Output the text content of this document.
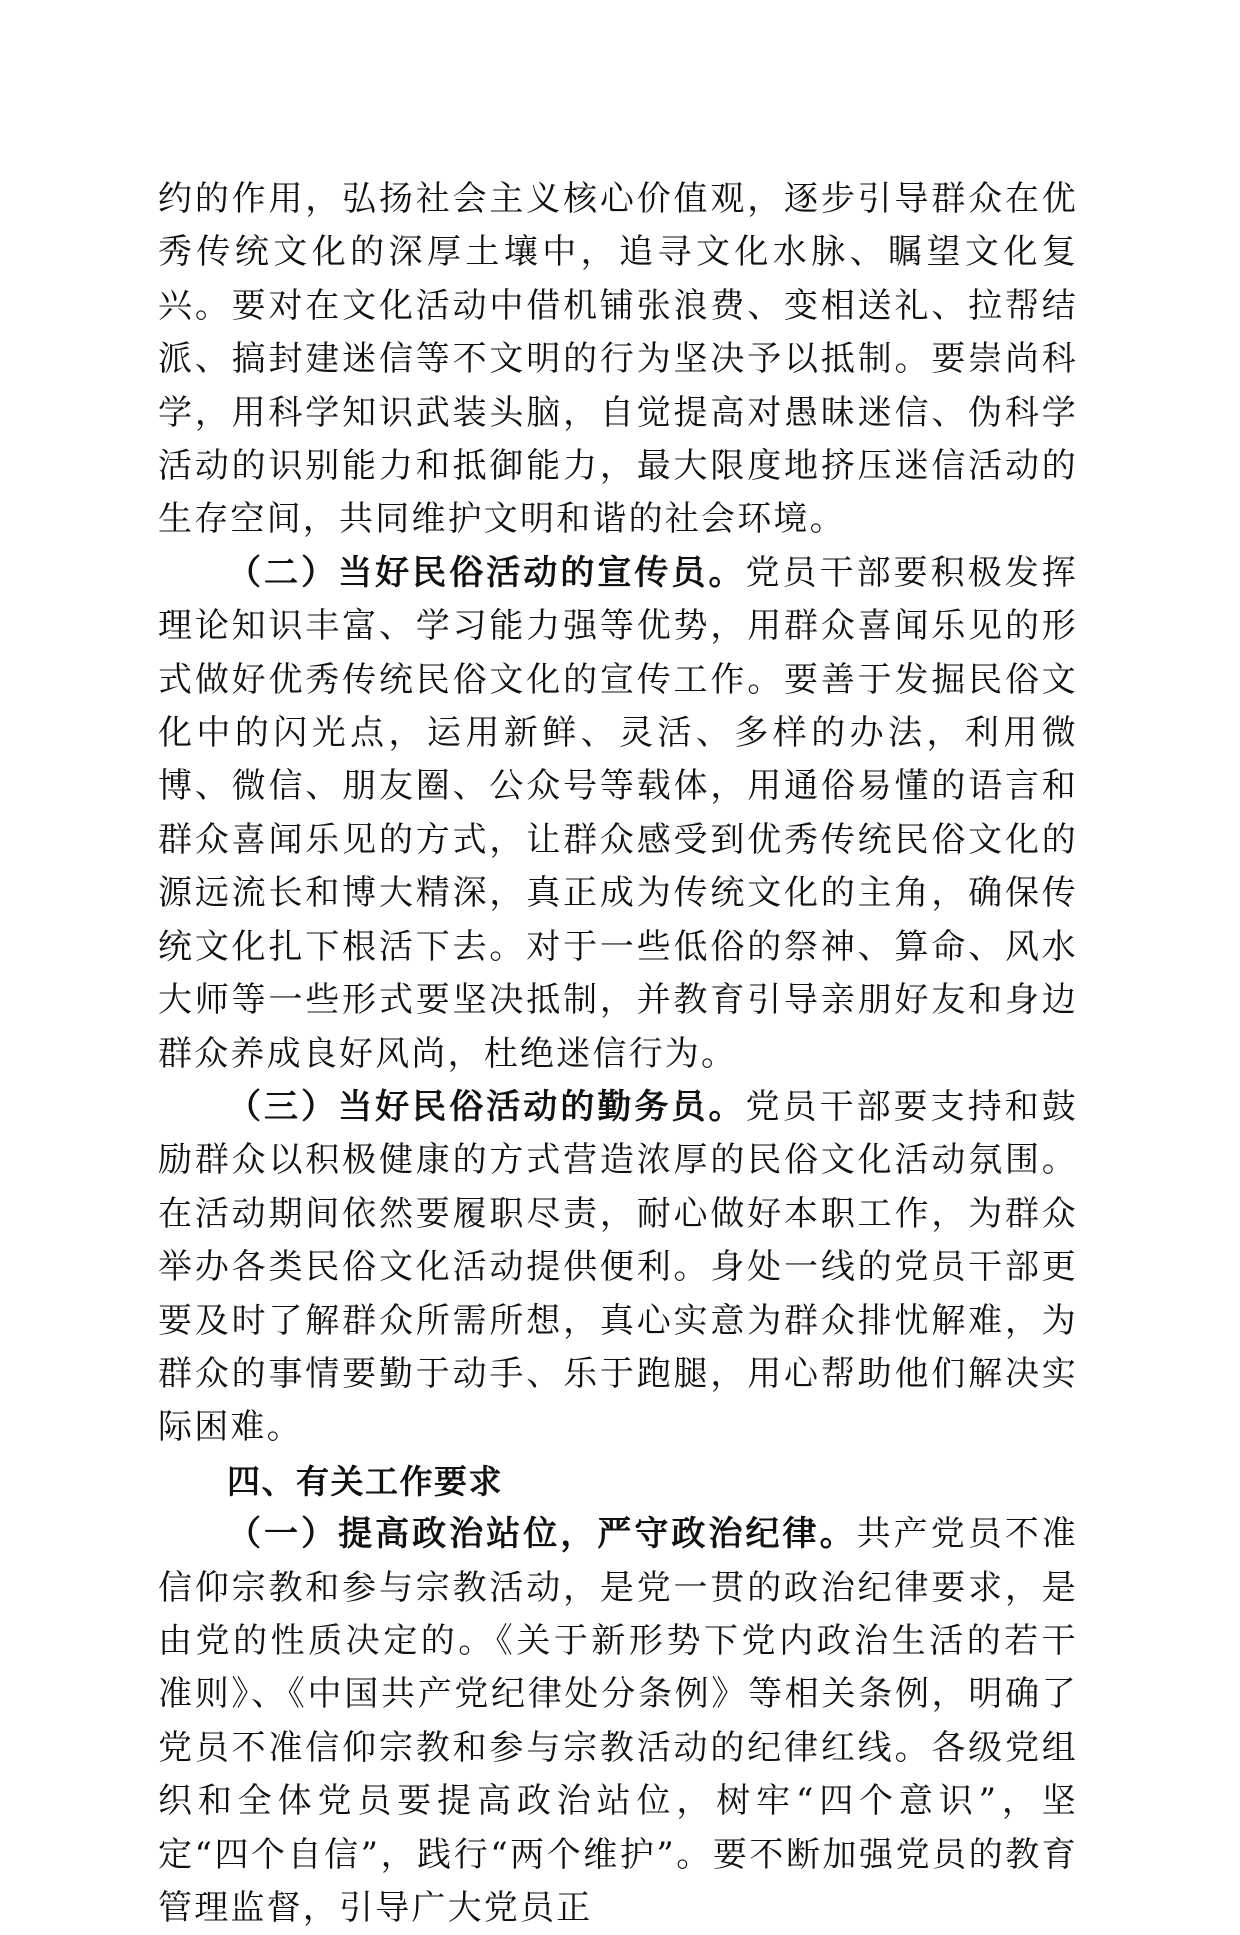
约的作用，弘扬社会主义核心价值观，逐步引导群众在优秀传统文化的深厚土壤中，追寻文化水脉、瞩望文化复兴。要对在文化活动中借机铺张浪费、变相送礼、拉帮结派、搞封建迷信等不文明的行为坚决予以抵制。要崇尚科学，用科学知识武装头脑，自觉提高对愚昧迷信、伪科学活动的识别能力和抵御能力，最大限度地挤压迷信活动的生存空间，共同维护文明和谐的社会环境。

（二）当好民俗活动的宣传员。党员干部要积极发挥理论知识丰富、学习能力强等优势，用群众喜闻乐见的形式做好优秀传统民俗文化的宣传工作。要善于发掘民俗文化中的闪光点，运用新鲜、灵活、多样的办法，利用微博、微信、朋友圈、公众号等载体，用通俗易懂的语言和群众喜闻乐见的方式，让群众感受到优秀传统民俗文化的源远流长和博大精深，真正成为传统文化的主角，确保传统文化扎下根活下去。对于一些低俗的祭神、算命、风水大师等一些形式要坚决抵制，并教育引导亲朋好友和身边群众养成良好风尚，杜绝迷信行为。

（三）当好民俗活动的勤务员。党员干部要支持和鼓励群众以积极健康的方式营造浓厚的民俗文化活动氛围。在活动期间依然要履职尽责，耐心做好本职工作，为群众举办各类民俗文化活动提供便利。身处一线的党员干部更要及时了解群众所需所想，真心实意为群众排忧解难，为群众的事情要勤于动手、乐于跑腿，用心帮助他们解决实际困难。

四、有关工作要求

（一）提高政治站位，严守政治纪律。共产党员不准信仰宗教和参与宗教活动，是党一贯的政治纪律要求，是由党的性质决定的。《关于新形势下党内政治生活的若干准则》、《中国共产党纪律处分条例》等相关条例，明确了党员不准信仰宗教和参与宗教活动的纪律红线。各级党组织和全体党员要提高政治站位，树牢“四个意识”，坚定“四个自信”，践行“两个维护”。要不断加强党员的教育管理监督，引导广大党员正
